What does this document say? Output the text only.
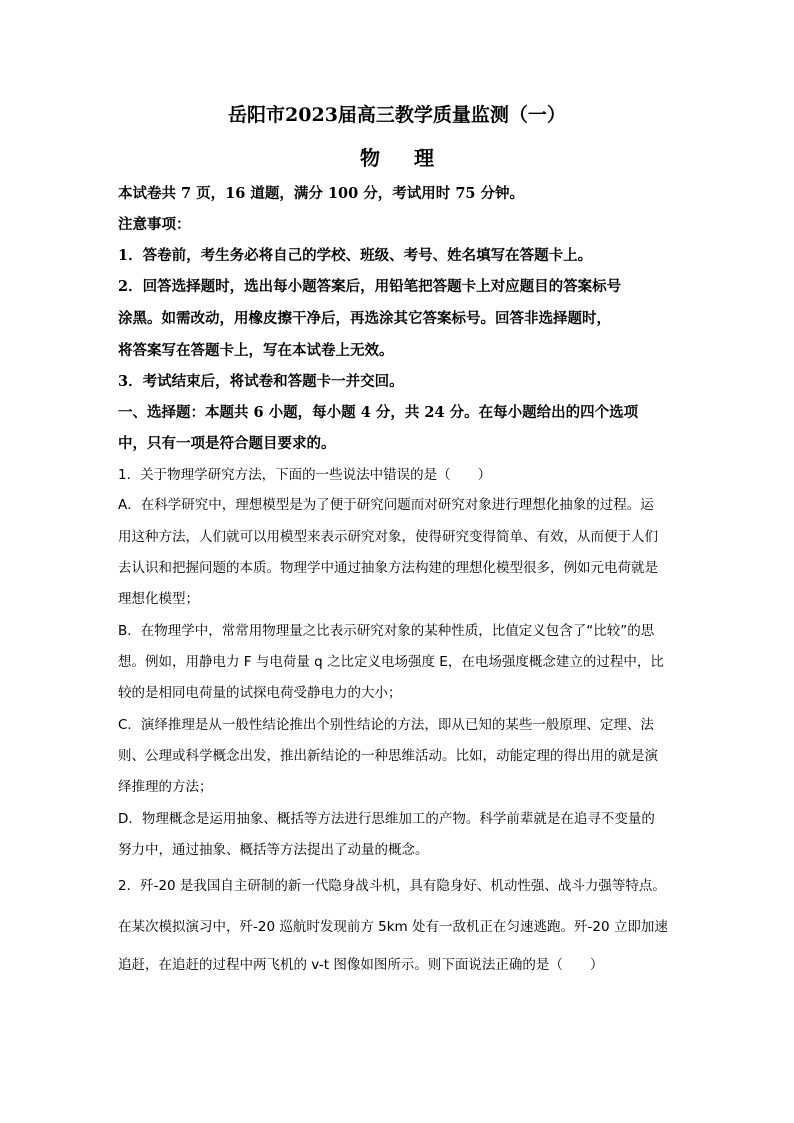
岳阳市2023届高三教学质量监测（一）
物理
本试卷共 7 页，16 道题，满分 100 分，考试用时 75 分钟。
注意事项：
1．答卷前，考生务必将自己的学校、班级、考号、姓名填写在答题卡上。
2．回答选择题时，选出每小题答案后，用铅笔把答题卡上对应题目的答案标号
涂黑。如需改动，用橡皮擦干净后，再选涂其它答案标号。回答非选择题时，
将答案写在答题卡上，写在本试卷上无效。
3．考试结束后，将试卷和答题卡一并交回。
一、选择题：本题共 6 小题，每小题 4 分，共 24 分。在每小题给出的四个选项
中，只有一项是符合题目要求的。
1．关于物理学研究方法，下面的一些说法中错误的是（　　）
A．在科学研究中，理想模型是为了便于研究问题而对研究对象进行理想化抽象的过程。运
用这种方法，人们就可以用模型来表示研究对象，使得研究变得简单、有效，从而便于人们
去认识和把握问题的本质。物理学中通过抽象方法构建的理想化模型很多，例如元电荷就是
理想化模型；
B．在物理学中，常常用物理量之比表示研究对象的某种性质，比值定义包含了“比较”的思
想。例如，用静电力 F 与电荷量 q 之比定义电场强度 E，在电场强度概念建立的过程中，比
较的是相同电荷量的试探电荷受静电力的大小；
C．演绎推理是从一般性结论推出个别性结论的方法，即从已知的某些一般原理、定理、法
则、公理或科学概念出发，推出新结论的一种思维活动。比如，动能定理的得出用的就是演
绎推理的方法；
D．物理概念是运用抽象、概括等方法进行思维加工的产物。科学前辈就是在追寻不变量的
努力中，通过抽象、概括等方法提出了动量的概念。
2．歼-20 是我国自主研制的新一代隐身战斗机，具有隐身好、机动性强、战斗力强等特点。
在某次模拟演习中，歼-20 巡航时发现前方 5km 处有一敌机正在匀速逃跑。歼-20 立即加速
追赶，在追赶的过程中两飞机的 v-t 图像如图所示。则下面说法正确的是（　　）
